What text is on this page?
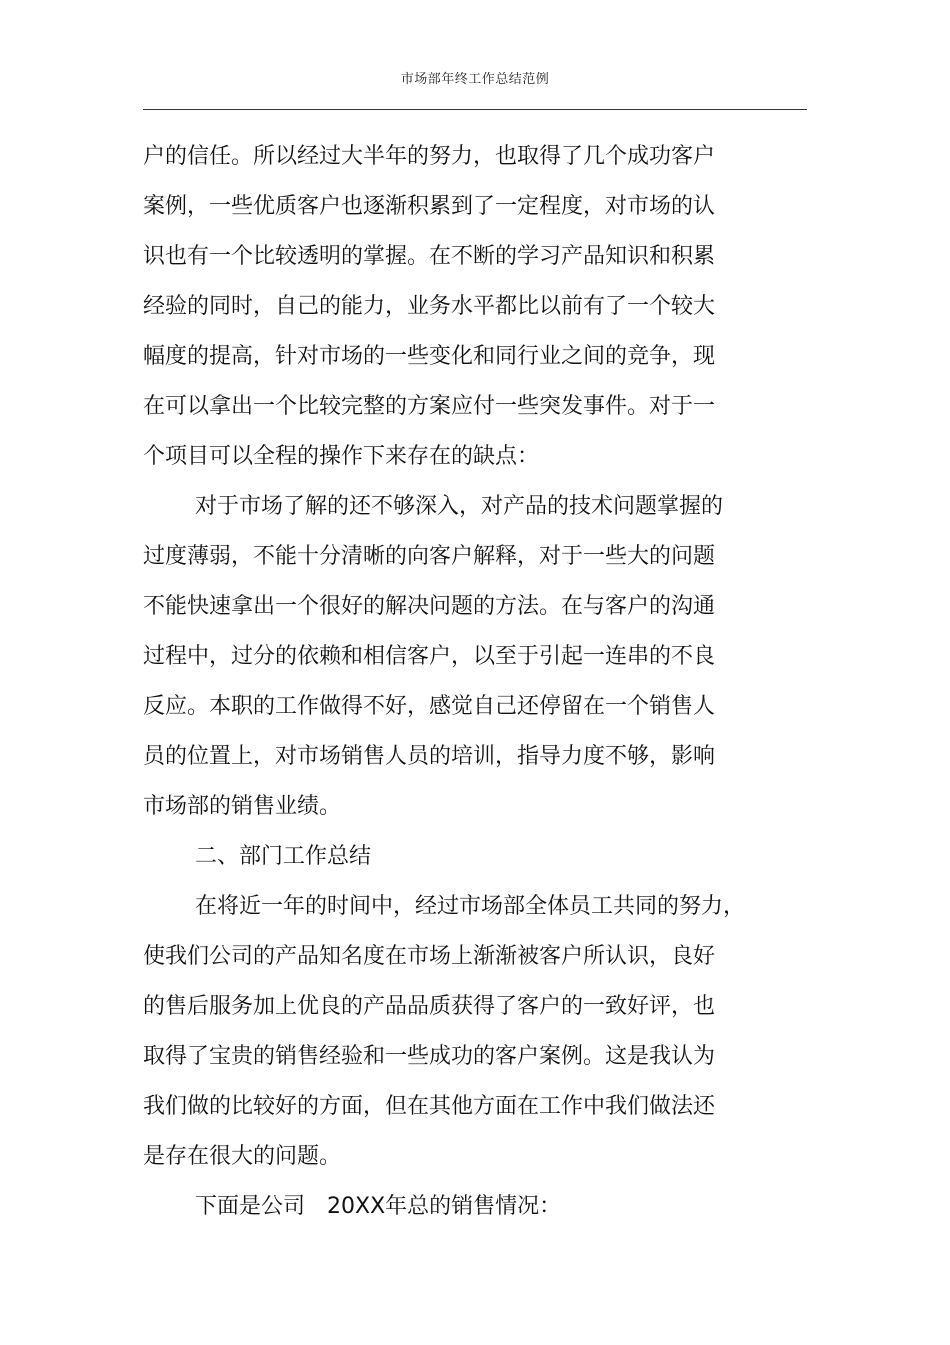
市场部年终工作总结范例
户的信任。所以经过大半年的努力，也取得了几个成功客户
案例，一些优质客户也逐渐积累到了一定程度，对市场的认
识也有一个比较透明的掌握。在不断的学习产品知识和积累
经验的同时，自己的能力，业务水平都比以前有了一个较大
幅度的提高，针对市场的一些变化和同行业之间的竞争，现
在可以拿出一个比较完整的方案应付一些突发事件。对于一
个项目可以全程的操作下来存在的缺点：
对于市场了解的还不够深入，对产品的技术问题掌握的
过度薄弱，不能十分清晰的向客户解释，对于一些大的问题
不能快速拿出一个很好的解决问题的方法。在与客户的沟通
过程中，过分的依赖和相信客户，以至于引起一连串的不良
反应。本职的工作做得不好，感觉自己还停留在一个销售人
员的位置上，对市场销售人员的培训，指导力度不够，影响
市场部的销售业绩。
二、部门工作总结
在将近一年的时间中，经过市场部全体员工共同的努力，
使我们公司的产品知名度在市场上渐渐被客户所认识，良好
的售后服务加上优良的产品品质获得了客户的一致好评，也
取得了宝贵的销售经验和一些成功的客户案例。这是我认为
我们做的比较好的方面，但在其他方面在工作中我们做法还
是存在很大的问题。
下面是公司　20XX年总的销售情况：
